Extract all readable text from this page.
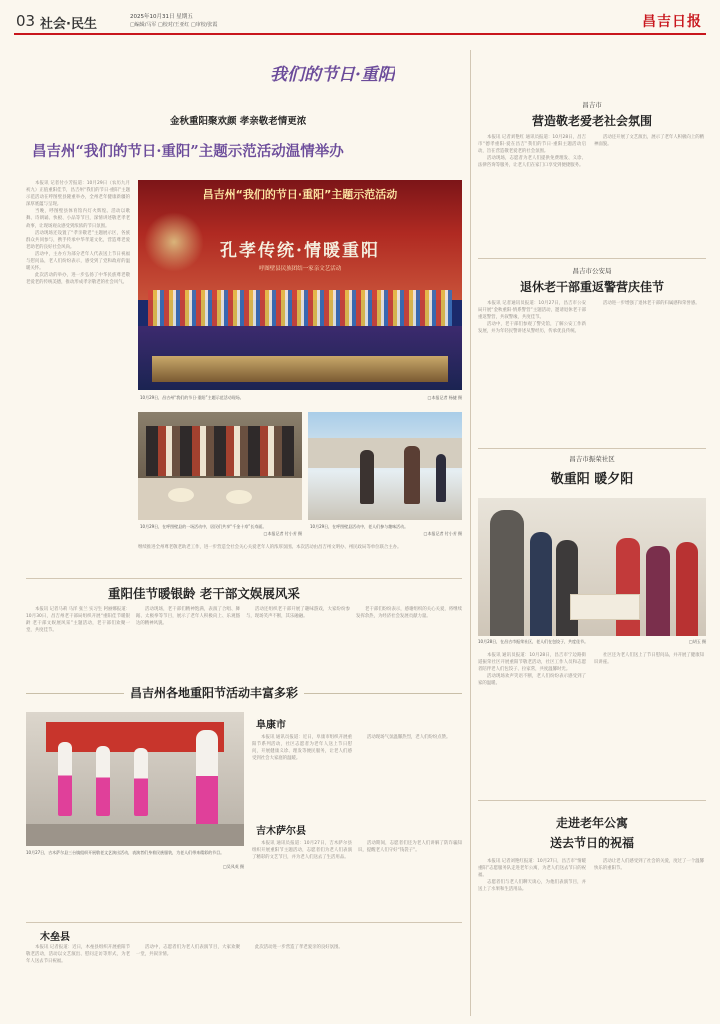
03 社会·民生	2025年10月31日 星期五
□编辑/马军 □校对/王亚红 □审校/张霞	昌吉日报
我们的节日·重阳
金秋重阳聚欢颜 孝亲敬老情更浓
昌吉州“我们的节日·重阳”主题示范活动温情举办

本报讯 记者付小芳报道：10月29日（农历九月初九）正值重阳佳节，昌吉州“我们的节日·重阳”主题示范活动在呼图壁县隆重举办，全州老年健康新疆的深厚底蕴与呈现。

当晚，呼图壁县体育馆内灯火辉煌。活动以歌舞、诗朗诵、快板、小品等节目，深情讲述敬老孝老故事，让现场观众感受到浓浓的节日氛围。

活动现场还设置了“孝亲敬老”主题展示区，各族群众共同参与，携手传承中华孝道文化，营造尊老爱老助老的良好社会风尚。

活动中，主办方为部分老年人代表送上节日祝福与慰问品，老人们纷纷表示，感受到了党和政府的温暖关怀。

此次活动的举办，进一步弘扬了中华民族尊老敬老爱老的传统美德，推动形成孝亲敬老的社会风气。

昌吉州“我们的节日·重阳”主题示范活动
孔孝传统·情暖重阳
呼图壁县民族团结一家亲文艺活动
10月29日，昌吉州“我们的节日·重阳”主题示范活动现场。	□本报记者 杨捷 摄
10月29日，在呼图壁县的一场活动中，居民们共享“千金十寿”长寿面。
□本报记者 付小芳 摄
10月29日，在呼图壁县活动中，老人们参与趣味活动。
□本报记者 付小芳 摄
继续推进全州尊老敬老助老工作，进一步营造全社会关心关爱老年人的浓厚氛围。本次活动由昌吉州文明办、州民政局等单位联合主办。
重阳佳节暖银龄 老干部文娱展风采

本报讯 记者马莉 马洋 张兰 实习生 阿丽娜报道：10月30日，昌吉州老干部局组织开展“重阳佳节暖银龄 老干部文娱展风采”主题活动，老干部们欢聚一堂，共度佳节。

活动现场，老干部们精神饱满，表演了合唱、舞蹈、太极拳等节目，展示了老年人积极向上、乐观豁达的精神风貌。

活动还组织老干部开展了趣味游戏，大家纷纷参与，现场笑声不断，其乐融融。

老干部们纷纷表示，感谢组织的关心关爱，将继续发挥余热，为经济社会发展贡献力量。

昌吉州各地重阳节活动丰富多彩
10月27日，吉木萨尔县三台镇组织开展敬老文艺演出活动，表演者们身着民族服装，为老人们带来精彩的节目。
□吴凤英 摄
阜康市

本报讯 通讯员报道：近日，阜康市组织开展重阳节系列活动，社区志愿者为老年人送上节日慰问，开展健康义诊、理发等便民服务，让老人们感受到社会大家庭的温暖。

活动现场气氛温馨热烈，老人们纷纷点赞。

吉木萨尔县

本报讯 通讯员报道：10月27日，吉木萨尔县组织开展重阳节主题活动，志愿者们为老人们表演了精彩的文艺节目，并为老人们送去了生活用品。

活动期间，志愿者们还为老人们讲解了防诈骗知识，提醒老人们守好“钱袋子”。

木垒县

本报讯 记者报道：近日，木垒县组织开展重阳节敬老活动，活动以文艺演出、慰问走访等形式，为老年人送去节日祝福。

活动中，志愿者们为老人们表演节目，大家欢聚一堂，共叙亲情。

此次活动进一步营造了孝老爱亲的良好氛围。

昌吉市
营造敬老爱老社会氛围

本报讯 记者刘艳红 通讯员报道：10月28日，昌吉市“德孝重阳·爱在昌吉”我们的节日·重阳主题活动启动，旨在营造敬老爱老的社会氛围。

活动现场，志愿者为老人们提供免费理发、义诊、法律咨询等服务，让老人们在家门口享受到便捷服务。

活动还开展了文艺演出，展示了老年人积极向上的精神面貌。

昌吉市公安局
退休老干部重返警营庆佳节

本报讯 记者通讯员报道：10月27日，昌吉市公安局开展“金秋重阳·情系警营”主题活动，邀请退休老干部重返警营，共叙警缘，共度佳节。

活动中，老干部们参观了警史馆，了解公安工作新发展，并为年轻民警讲述从警经历，传承优良传统。

活动进一步增强了退休老干部的归属感和荣誉感。

昌吉市振荣社区
敬重阳 暖夕阳
10月28日，在昌吉市振荣社区，老人们在包饺子，共度佳节。	□胡玉 摄

本报讯 通讯员报道：10月28日，昌吉市宁边路街道振荣社区开展重阳节敬老活动，社区工作人员和志愿者陪伴老人们包饺子、拉家常，共度温馨时光。

活动现场欢声笑语不断，老人们纷纷表示感受到了家的温暖。

社区还为老人们送上了节日慰问品，并开展了健康知识讲座。

走进老年公寓
送去节日的祝福

本报讯 记者刘艳红报道：10月27日，昌吉市“情暖重阳”志愿服务队走进老年公寓，为老人们送去节日的祝福。

志愿者们与老人们聊天谈心，为他们表演节目，并送上了水果和生活用品。

活动让老人们感受到了社会的关爱，度过了一个温馨快乐的重阳节。
